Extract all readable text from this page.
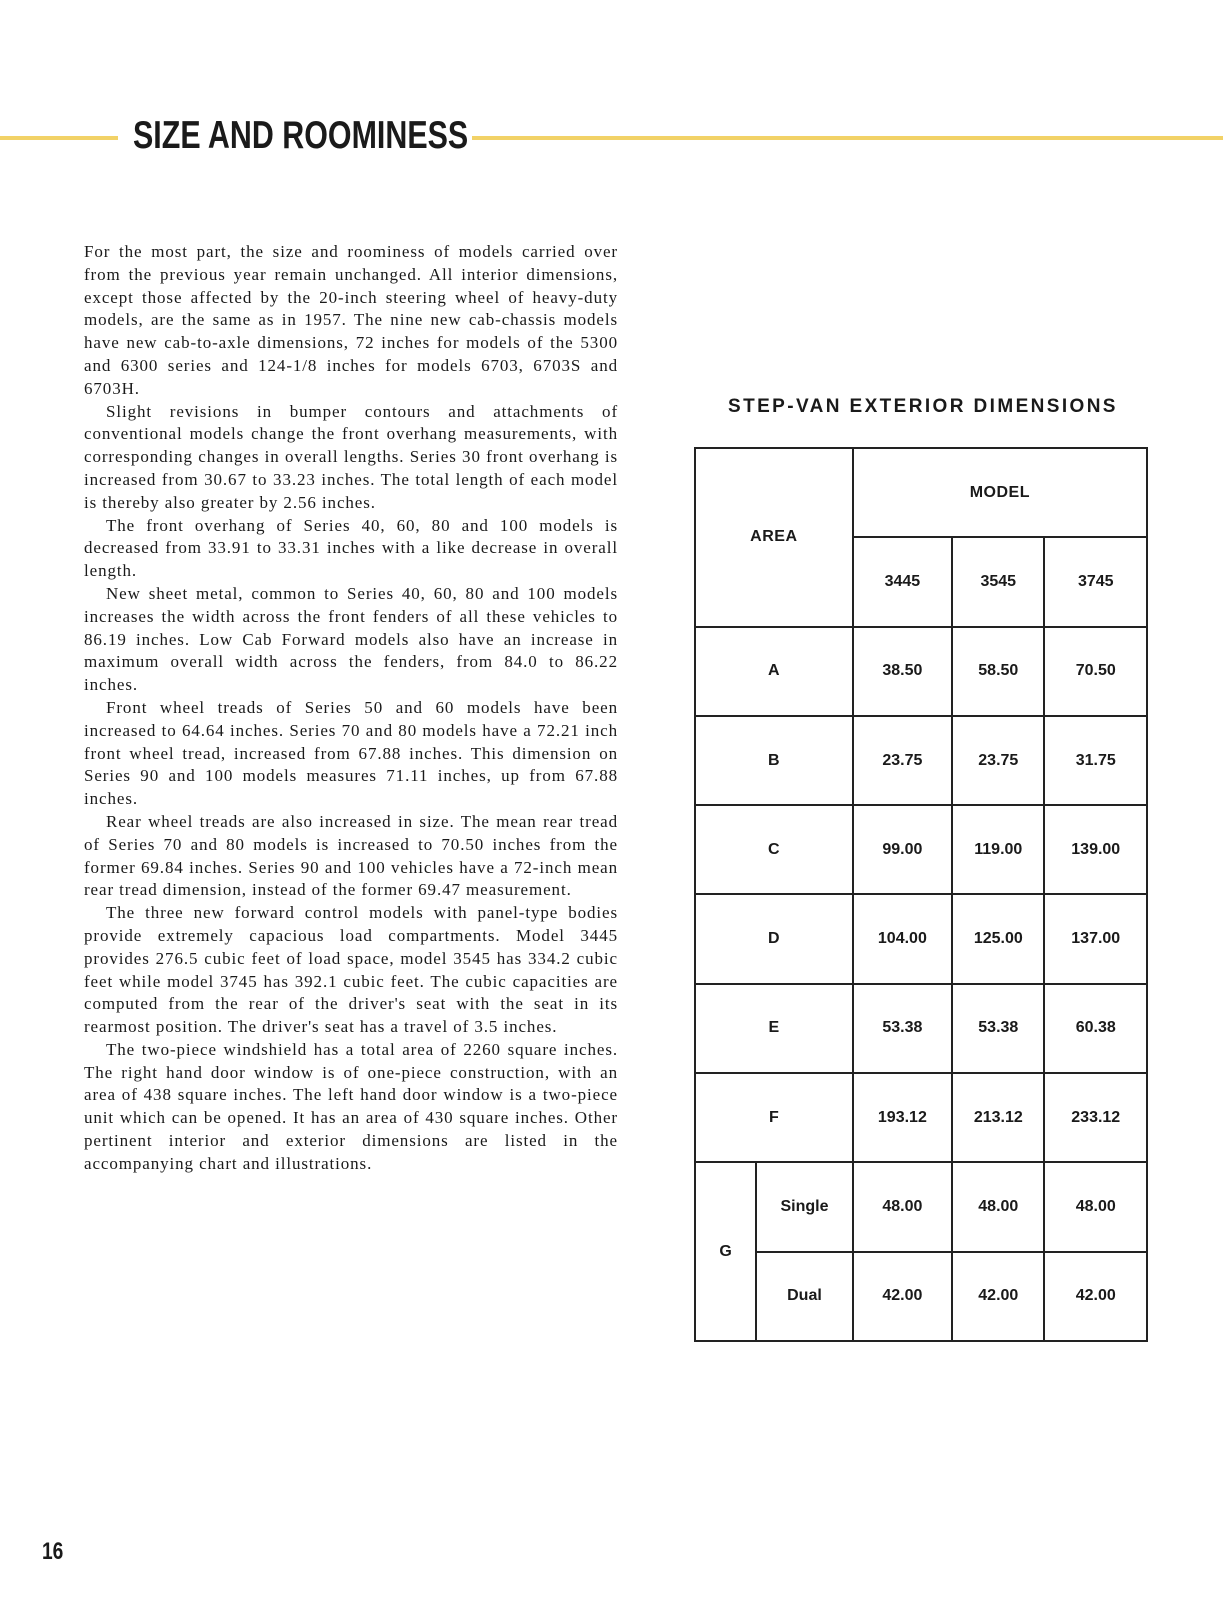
SIZE AND ROOMINESS

For the most part, the size and roominess of models carried over from the previous year remain unchanged. All interior dimensions, except those affected by the 20-inch steering wheel of heavy-duty models, are the same as in 1957. The nine new cab-chassis models have new cab-to-axle dimensions, 72 inches for models of the 5300 and 6300 series and 124-1/8 inches for models 6703, 6703S and 6703H.

Slight revisions in bumper contours and attachments of conventional models change the front overhang measurements, with corresponding changes in overall lengths. Series 30 front overhang is increased from 30.67 to 33.23 inches. The total length of each model is thereby also greater by 2.56 inches.

The front overhang of Series 40, 60, 80 and 100 models is decreased from 33.91 to 33.31 inches with a like decrease in overall length.

New sheet metal, common to Series 40, 60, 80 and 100 models increases the width across the front fenders of all these vehicles to 86.19 inches. Low Cab Forward models also have an increase in maximum overall width across the fenders, from 84.0 to 86.22 inches.

Front wheel treads of Series 50 and 60 models have been increased to 64.64 inches. Series 70 and 80 models have a 72.21 inch front wheel tread, increased from 67.88 inches. This dimension on Series 90 and 100 models measures 71.11 inches, up from 67.88 inches.

Rear wheel treads are also increased in size. The mean rear tread of Series 70 and 80 models is increased to 70.50 inches from the former 69.84 inches. Series 90 and 100 vehicles have a 72-inch mean rear tread dimension, instead of the former 69.47 measurement.

The three new forward control models with panel-type bodies provide extremely capacious load compartments. Model 3445 provides 276.5 cubic feet of load space, model 3545 has 334.2 cubic feet while model 3745 has 392.1 cubic feet. The cubic capacities are computed from the rear of the driver's seat with the seat in its rearmost position. The driver's seat has a travel of 3.5 inches.

The two-piece windshield has a total area of 2260 square inches. The right hand door window is of one-piece construction, with an area of 438 square inches. The left hand door window is a two-piece unit which can be opened. It has an area of 430 square inches. Other pertinent interior and exterior dimensions are listed in the accompanying chart and illustrations.

STEP-VAN EXTERIOR DIMENSIONS
AREA		MODEL		
		3445	3545	3745
A		38.50	58.50	70.50
B		23.75	23.75	31.75
C		99.00	119.00	139.00
D		104.00	125.00	137.00
E		53.38	53.38	60.38
F		193.12	213.12	233.12
G	Single	48.00	48.00	48.00
	Dual	42.00	42.00	42.00
16
